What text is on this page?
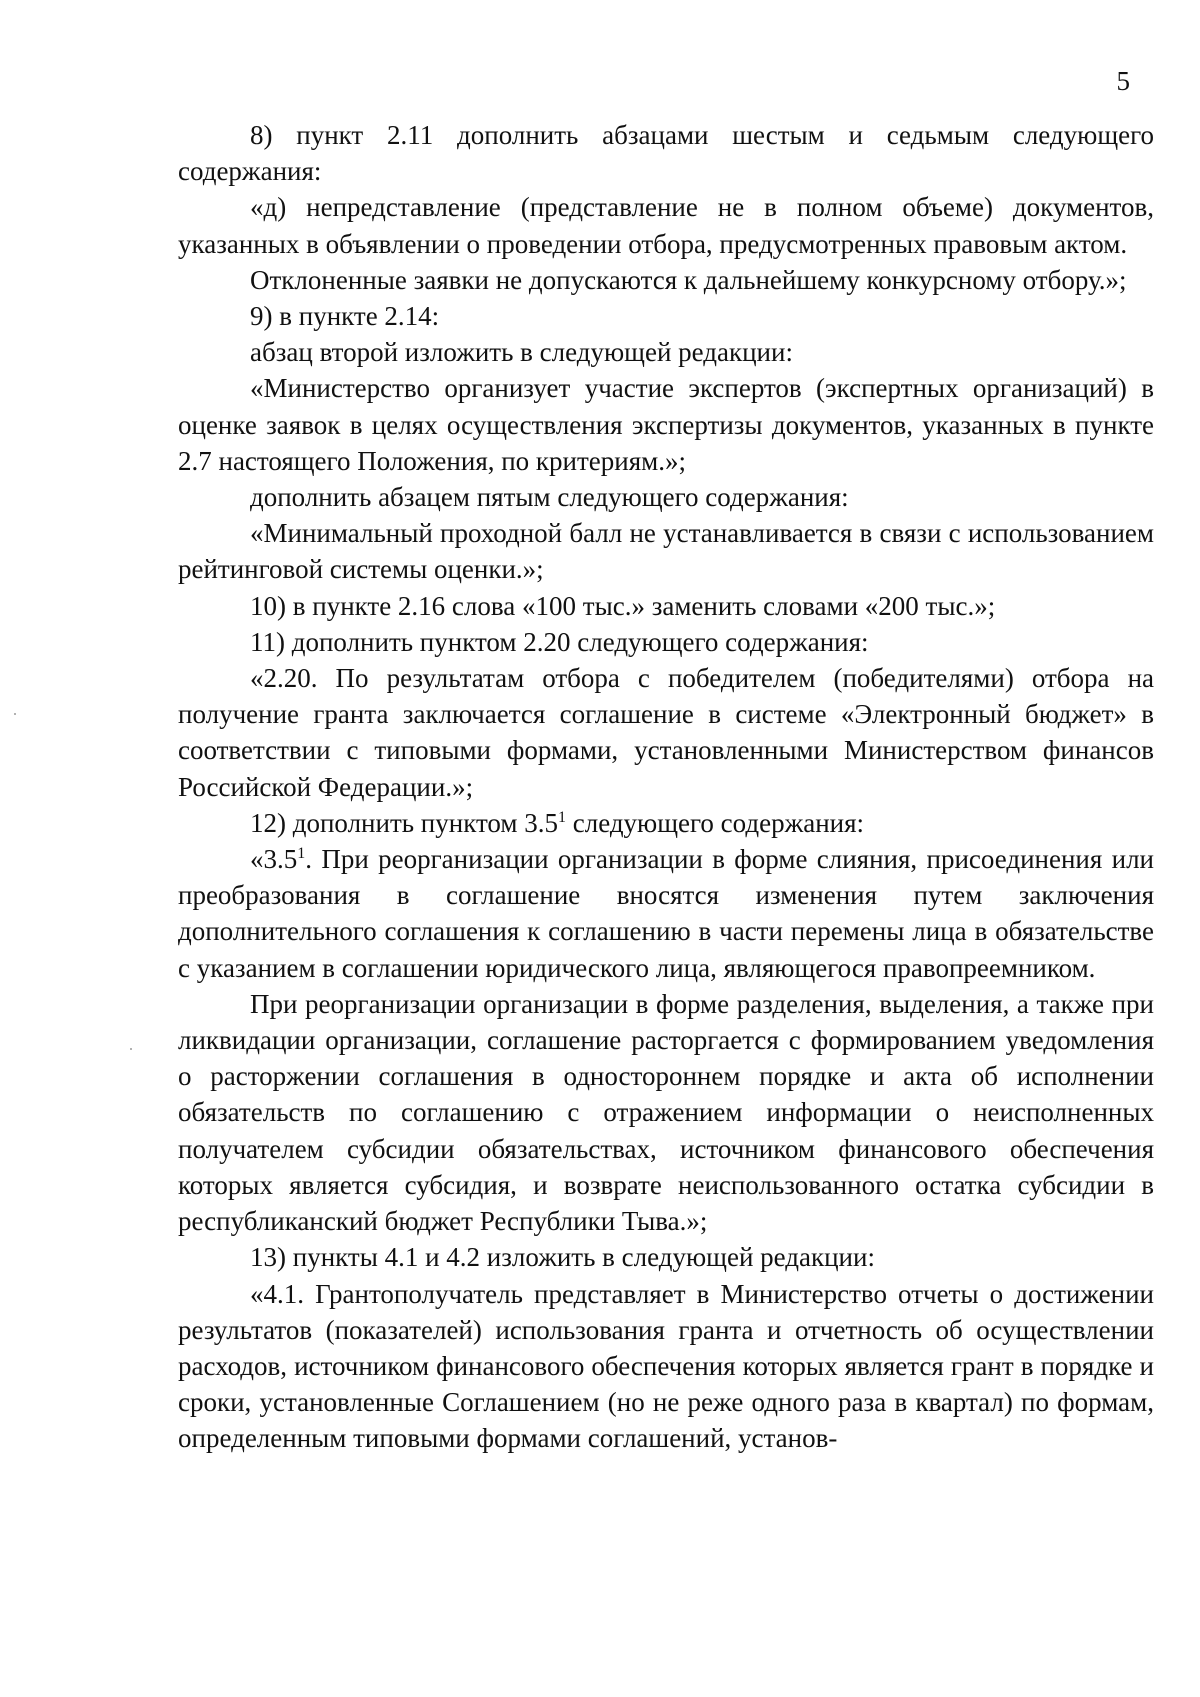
5

8) пункт 2.11 дополнить абзацами шестым и седьмым следующего содержания:

«д) непредставление (представление не в полном объеме) документов, указанных в объявлении о проведении отбора, предусмотренных правовым актом.

Отклоненные заявки не допускаются к дальнейшему конкурсному отбору.»;

9) в пункте 2.14:

абзац второй изложить в следующей редакции:

«Министерство организует участие экспертов (экспертных организаций) в оценке заявок в целях осуществления экспертизы документов, указанных в пункте 2.7 настоящего Положения, по критериям.»;

дополнить абзацем пятым следующего содержания:

«Минимальный проходной балл не устанавливается в связи с использованием рейтинговой системы оценки.»;

10) в пункте 2.16 слова «100 тыс.» заменить словами «200 тыс.»;

11) дополнить пунктом 2.20 следующего содержания:

«2.20. По результатам отбора с победителем (победителями) отбора на получение гранта заключается соглашение в системе «Электронный бюджет» в соответствии с типовыми формами, установленными Министерством финансов Российской Федерации.»;

12) дополнить пунктом $3.5^1$ следующего содержания:

«$3.5^1$. При реорганизации организации в форме слияния, присоединения или преобразования в соглашение вносятся изменения путем заключения дополнительного соглашения к соглашению в части перемены лица в обязательстве с указанием в соглашении юридического лица, являющегося правопреемником.

При реорганизации организации в форме разделения, выделения, а также при ликвидации организации, соглашение расторгается с формированием уведомления о расторжении соглашения в одностороннем порядке и акта об исполнении обязательств по соглашению с отражением информации о неисполненных получателем субсидии обязательствах, источником финансового обеспечения которых является субсидия, и возврате неиспользованного остатка субсидии в республиканский бюджет Республики Тыва.»;

13) пункты 4.1 и 4.2 изложить в следующей редакции:

«4.1. Грантополучатель представляет в Министерство отчеты о достижении результатов (показателей) использования гранта и отчетность об осуществлении расходов, источником финансового обеспечения которых является грант в порядке и сроки, установленные Соглашением (но не реже одного раза в квартал) по формам, определенным типовыми формами соглашений, установ-
